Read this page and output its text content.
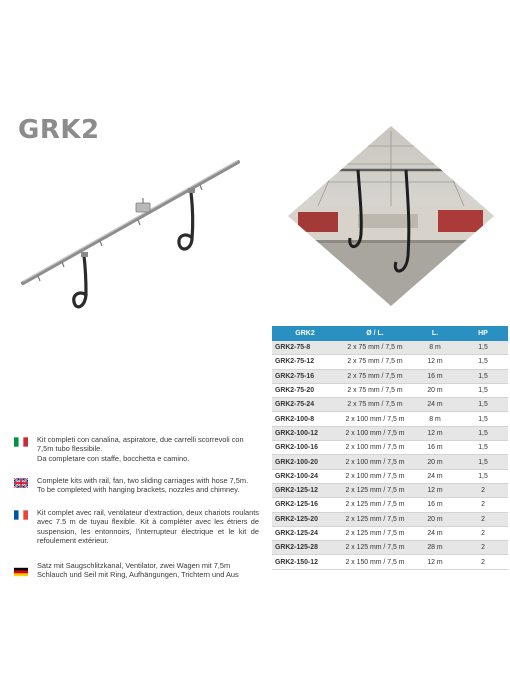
GRK2
GRK2	Ø / L.	L.	HP
GRK2-75-8	2 x 75 mm / 7,5 m	8 m	1,5
GRK2-75-12	2 x 75 mm / 7,5 m	12 m	1,5
GRK2-75-16	2 x 75 mm / 7,5 m	16 m	1,5
GRK2-75-20	2 x 75 mm / 7,5 m	20 m	1,5
GRK2-75-24	2 x 75 mm / 7,5 m	24 m	1,5
GRK2-100-8	2 x 100 mm / 7,5 m	8 m	1,5
GRK2-100-12	2 x 100 mm / 7,5 m	12 m	1,5
GRK2-100-16	2 x 100 mm / 7,5 m	16 m	1,5
GRK2-100-20	2 x 100 mm / 7,5 m	20 m	1,5
GRK2-100-24	2 x 100 mm / 7,5 m	24 m	1,5
GRK2-125-12	2 x 125 mm / 7,5 m	12 m	2
GRK2-125-16	2 x 125 mm / 7,5 m	16 m	2
GRK2-125-20	2 x 125 mm / 7,5 m	20 m	2
GRK2-125-24	2 x 125 mm / 7,5 m	24 m	2
GRK2-125-28	2 x 125 mm / 7,5 m	28 m	2
GRK2-150-12	2 x 150 mm / 7,5 m	12 m	2

Kit completi con canalina, aspiratore, due carrelli scorrevoli con 7,5m tubo flessibile.

Da completare con staffe, bocchetta e camino.

Complete kits with rail, fan, two sliding carriages with hose 7,5m.

To be completed with hanging brackets, nozzles and chimney.

Kit complet avec rail, ventilateur d'extraction, deux chariots roulants avec 7.5 m de tuyau flexible. Kit à compléter avec les étriers de suspension, les entonnoirs, l'interrupteur électrique et le kit de refoulement extérieur.

Satz mit Saugschlitzkanal, Ventilator, zwei Wagen mit 7,5m Schlauch und Seil mit Ring, Aufhängungen, Trichtern und Aus
